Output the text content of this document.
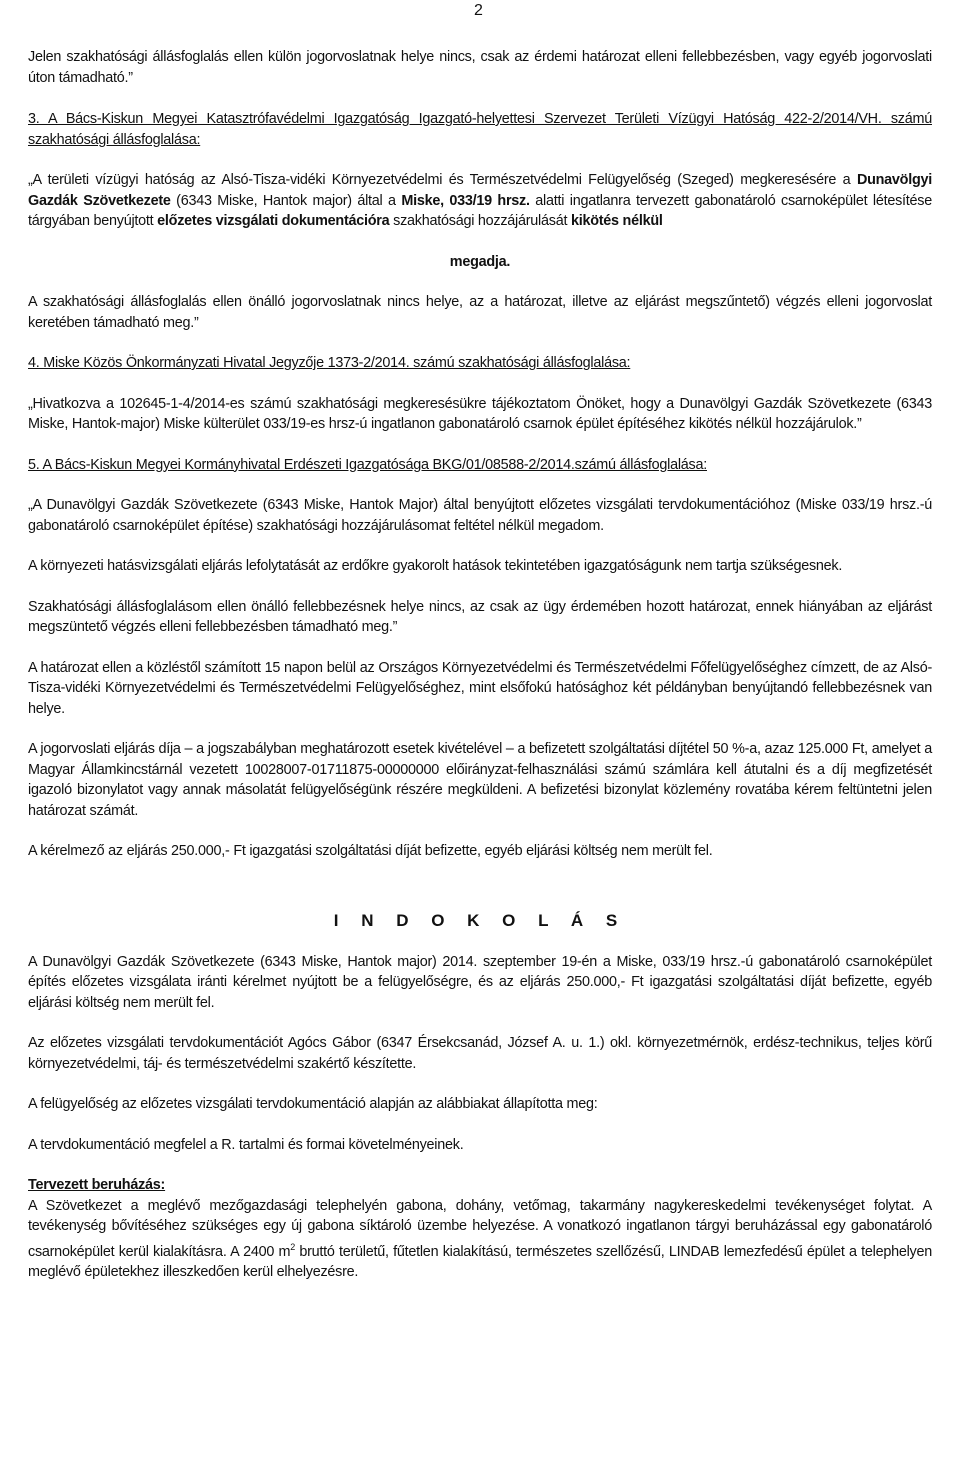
2

Jelen szakhatósági állásfoglalás ellen külön jogorvoslatnak helye nincs, csak az érdemi határozat elleni fellebbezésben, vagy egyéb jogorvoslati úton támadható.”

3. A Bács-Kiskun Megyei Katasztrófavédelmi Igazgatóság Igazgató-helyettesi Szervezet Területi Vízügyi Hatóság 422-2/2014/VH. számú szakhatósági állásfoglalása:

„A területi vízügyi hatóság az Alsó-Tisza-vidéki Környezetvédelmi és Természetvédelmi Felügyelőség (Szeged) megkeresésére a Dunavölgyi Gazdák Szövetkezete (6343 Miske, Hantok major) által a Miske, 033/19 hrsz. alatti ingatlanra tervezett gabonatároló csarnoképület létesítése tárgyában benyújtott előzetes vizsgálati dokumentációra szakhatósági hozzájárulását kikötés nélkül

megadja.

A szakhatósági állásfoglalás ellen önálló jogorvoslatnak nincs helye, az a határozat, illetve az eljárást megszűntető) végzés elleni jogorvoslat keretében támadható meg.”

4. Miske Közös Önkormányzati Hivatal Jegyzője 1373-2/2014. számú szakhatósági állásfoglalása:

„Hivatkozva a 102645-1-4/2014-es számú szakhatósági megkeresésükre tájékoztatom Önöket, hogy a Dunavölgyi Gazdák Szövetkezete (6343 Miske, Hantok-major) Miske külterület 033/19-es hrsz-ú ingatlanon gabonatároló csarnok épület építéséhez kikötés nélkül hozzájárulok.”

5. A Bács-Kiskun Megyei Kormányhivatal Erdészeti Igazgatósága BKG/01/08588-2/2014.számú állásfoglalása:

„A Dunavölgyi Gazdák Szövetkezete (6343 Miske, Hantok Major) által benyújtott előzetes vizsgálati tervdokumentációhoz (Miske 033/19 hrsz.-ú gabonatároló csarnoképület építése) szakhatósági hozzájárulásomat feltétel nélkül megadom.

A környezeti hatásvizsgálati eljárás lefolytatását az erdőkre gyakorolt hatások tekintetében igazgatóságunk nem tartja szükségesnek.

Szakhatósági állásfoglalásom ellen önálló fellebbezésnek helye nincs, az csak az ügy érdemében hozott határozat, ennek hiányában az eljárást megszüntető végzés elleni fellebbezésben támadható meg.”

A határozat ellen a közléstől számított 15 napon belül az Országos Környezetvédelmi és Természetvédelmi Főfelügyelőséghez címzett, de az Alsó-Tisza-vidéki Környezetvédelmi és Természetvédelmi Felügyelőséghez, mint elsőfokú hatósághoz két példányban benyújtandó fellebbezésnek van helye.

A jogorvoslati eljárás díja – a jogszabályban meghatározott esetek kivételével – a befizetett szolgáltatási díjtétel 50 %-a, azaz 125.000 Ft, amelyet a Magyar Államkincstárnál vezetett 10028007-01711875-00000000 előirányzat-felhasználási számú számlára kell átutalni és a díj megfizetését igazoló bizonylatot vagy annak másolatát felügyelőségünk részére megküldeni. A befizetési bizonylat közlemény rovatába kérem feltüntetni jelen határozat számát.

A kérelmező az eljárás 250.000,- Ft igazgatási szolgáltatási díját befizette, egyéb eljárási költség nem merült fel.

I N D O K O L Á S

A Dunavölgyi Gazdák Szövetkezete (6343 Miske, Hantok major) 2014. szeptember 19-én a Miske, 033/19 hrsz.-ú gabonatároló csarnoképület építés előzetes vizsgálata iránti kérelmet nyújtott be a felügyelőségre, és az eljárás 250.000,- Ft igazgatási szolgáltatási díját befizette, egyéb eljárási költség nem merült fel.

Az előzetes vizsgálati tervdokumentációt Agócs Gábor (6347 Érsekcsanád, József A. u. 1.) okl. környezetmérnök, erdész-technikus, teljes körű környezetvédelmi, táj- és természetvédelmi szakértő készítette.

A felügyelőség az előzetes vizsgálati tervdokumentáció alapján az alábbiakat állapította meg:

A tervdokumentáció megfelel a R. tartalmi és formai követelményeinek.

Tervezett beruházás:

A Szövetkezet a meglévő mezőgazdasági telephelyén gabona, dohány, vetőmag, takarmány nagykereskedelmi tevékenységet folytat. A tevékenység bővítéséhez szükséges egy új gabona síktároló üzembe helyezése. A vonatkozó ingatlanon tárgyi beruházással egy gabonatároló csarnoképület kerül kialakításra. A 2400 $m^2$ bruttó területű, fűtetlen kialakítású, természetes szellőzésű, LINDAB lemezfedésű épület a telephelyen meglévő épületekhez illeszkedően kerül elhelyezésre.
